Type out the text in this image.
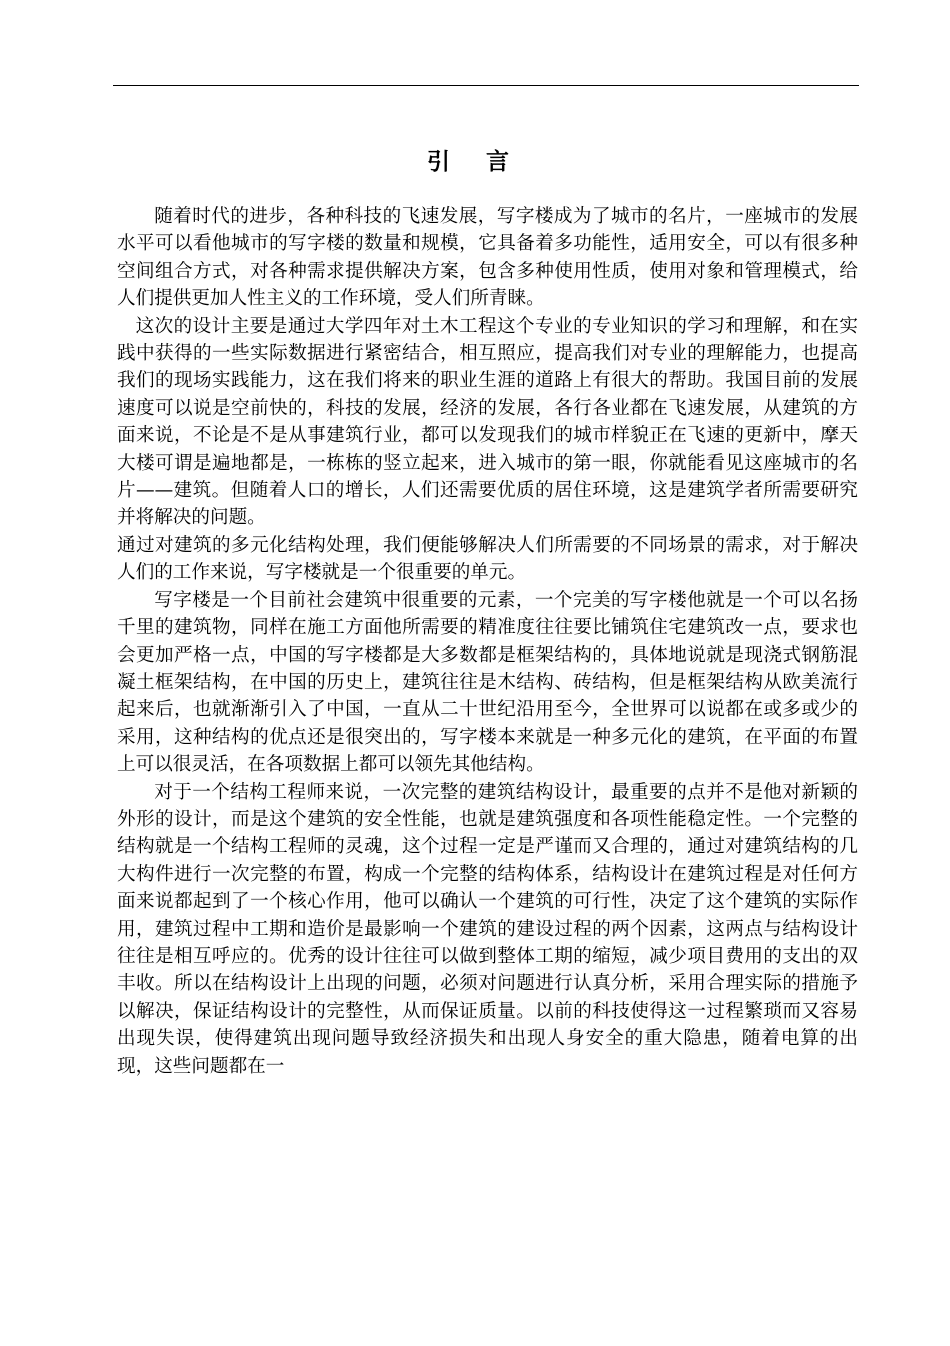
引 言

随着时代的进步，各种科技的飞速发展，写字楼成为了城市的名片，一座城市的发展水平可以看他城市的写字楼的数量和规模，它具备着多功能性，适用安全，可以有很多种空间组合方式，对各种需求提供解决方案，包含多种使用性质，使用对象和管理模式，给人们提供更加人性主义的工作环境，受人们所青睐。

这次的设计主要是通过大学四年对土木工程这个专业的专业知识的学习和理解，和在实践中获得的一些实际数据进行紧密结合，相互照应，提高我们对专业的理解能力，也提高我们的现场实践能力，这在我们将来的职业生涯的道路上有很大的帮助。我国目前的发展速度可以说是空前快的，科技的发展，经济的发展，各行各业都在飞速发展，从建筑的方面来说，不论是不是从事建筑行业，都可以发现我们的城市样貌正在飞速的更新中，摩天大楼可谓是遍地都是，一栋栋的竖立起来，进入城市的第一眼，你就能看见这座城市的名片——建筑。但随着人口的增长，人们还需要优质的居住环境，这是建筑学者所需要研究并将解决的问题。

通过对建筑的多元化结构处理，我们便能够解决人们所需要的不同场景的需求，对于解决人们的工作来说，写字楼就是一个很重要的单元。

写字楼是一个目前社会建筑中很重要的元素，一个完美的写字楼他就是一个可以名扬千里的建筑物，同样在施工方面他所需要的精准度往往要比铺筑住宅建筑改一点，要求也会更加严格一点，中国的写字楼都是大多数都是框架结构的，具体地说就是现浇式钢筋混凝土框架结构，在中国的历史上，建筑往往是木结构、砖结构，但是框架结构从欧美流行起来后，也就渐渐引入了中国，一直从二十世纪沿用至今，全世界可以说都在或多或少的采用，这种结构的优点还是很突出的，写字楼本来就是一种多元化的建筑，在平面的布置上可以很灵活，在各项数据上都可以领先其他结构。

对于一个结构工程师来说，一次完整的建筑结构设计，最重要的点并不是他对新颖的外形的设计，而是这个建筑的安全性能，也就是建筑强度和各项性能稳定性。一个完整的结构就是一个结构工程师的灵魂，这个过程一定是严谨而又合理的，通过对建筑结构的几大构件进行一次完整的布置，构成一个完整的结构体系，结构设计在建筑过程是对任何方面来说都起到了一个核心作用，他可以确认一个建筑的可行性，决定了这个建筑的实际作用，建筑过程中工期和造价是最影响一个建筑的建设过程的两个因素，这两点与结构设计往往是相互呼应的。优秀的设计往往可以做到整体工期的缩短，减少项目费用的支出的双丰收。所以在结构设计上出现的问题，必须对问题进行认真分析，采用合理实际的措施予以解决，保证结构设计的完整性，从而保证质量。以前的科技使得这一过程繁琐而又容易出现失误，使得建筑出现问题导致经济损失和出现人身安全的重大隐患，随着电算的出现，这些问题都在一
